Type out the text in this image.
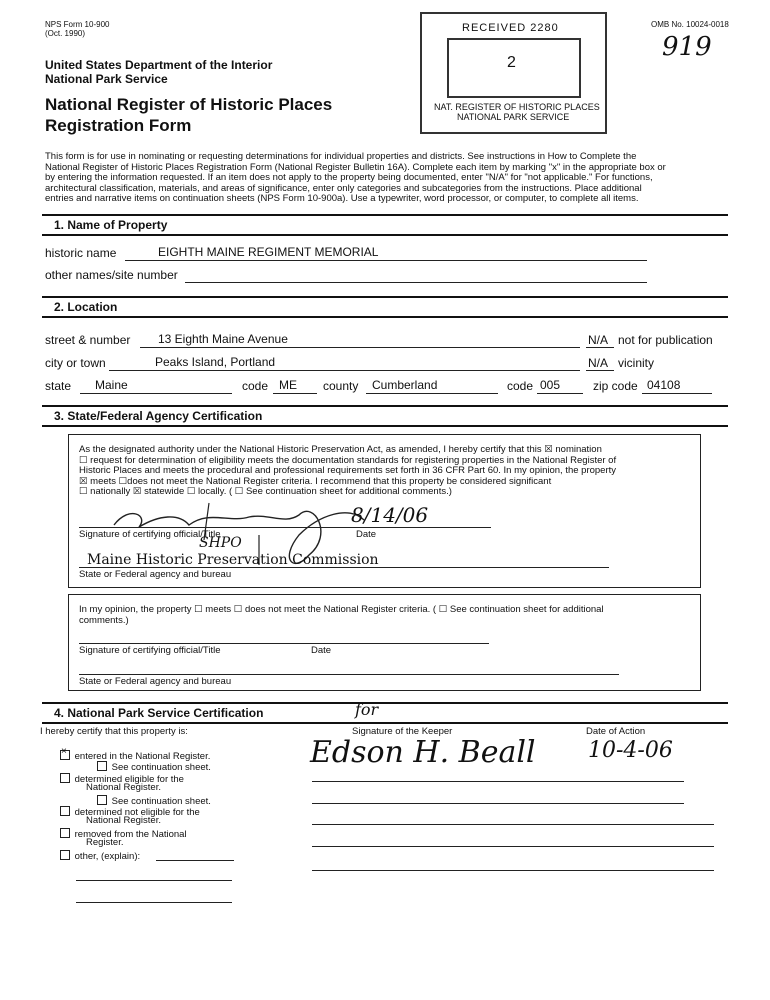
NPS Form 10-900
(Oct. 1990)
OMB No. 10024-0018
919
United States Department of the Interior
National Park Service
National Register of Historic Places
Registration Form
RECEIVED 2280
2
NAT. REGISTER OF HISTORIC PLACES
NATIONAL PARK SERVICE
This form is for use in nominating or requesting determinations for individual properties and districts. See instructions in How to Complete the
National Register of Historic Places Registration Form (National Register Bulletin 16A). Complete each item by marking "x" in the appropriate box or
by entering the information requested. If an item does not apply to the property being documented, enter "N/A" for "not applicable." For functions,
architectural classification, materials, and areas of significance, enter only categories and subcategories from the instructions. Place additional
entries and narrative items on continuation sheets (NPS Form 10-900a). Use a typewriter, word processor, or computer, to complete all items.
1. Name of Property
historic name	EIGHTH MAINE REGIMENT MEMORIAL
other names/site number
2. Location
street & number 13 Eighth Maine Avenue	N/A not for publication
city or town	Peaks Island, Portland	N/A vicinity
state Maine	code ME county Cumberland	code 005	zip code 04108
3. State/Federal Agency Certification
As the designated authority under the National Historic Preservation Act, as amended, I hereby certify that this ☒ nomination
☐ request for determination of eligibility meets the documentation standards for registering properties in the National Register of
Historic Places and meets the procedural and professional requirements set forth in 36 CFR Part 60. In my opinion, the property
☒ meets ☐does not meet the National Register criteria. I recommend that this property be considered significant
☐ nationally ☒ statewide ☐ locally. ( ☐ See continuation sheet for additional comments.)
8/14/06
Signature of certifying official/Title	Date
SHPO
Maine Historic Preservation Commission
State or Federal agency and bureau
In my opinion, the property ☐ meets ☐ does not meet the National Register criteria. ( ☐ See continuation sheet for additional
comments.)
Signature of certifying official/Title	Date
State or Federal agency and bureau
4. National Park Service Certification
I hereby certify that this property is:	Signature of the Keeper	Date of Action
for
Edson H. Beall 10-4-06
× entered in the National Register.
See continuation sheet.
determined eligible for the
National Register.
See continuation sheet.
determined not eligible for the
National Register.
removed from the National
Register.
other, (explain):
